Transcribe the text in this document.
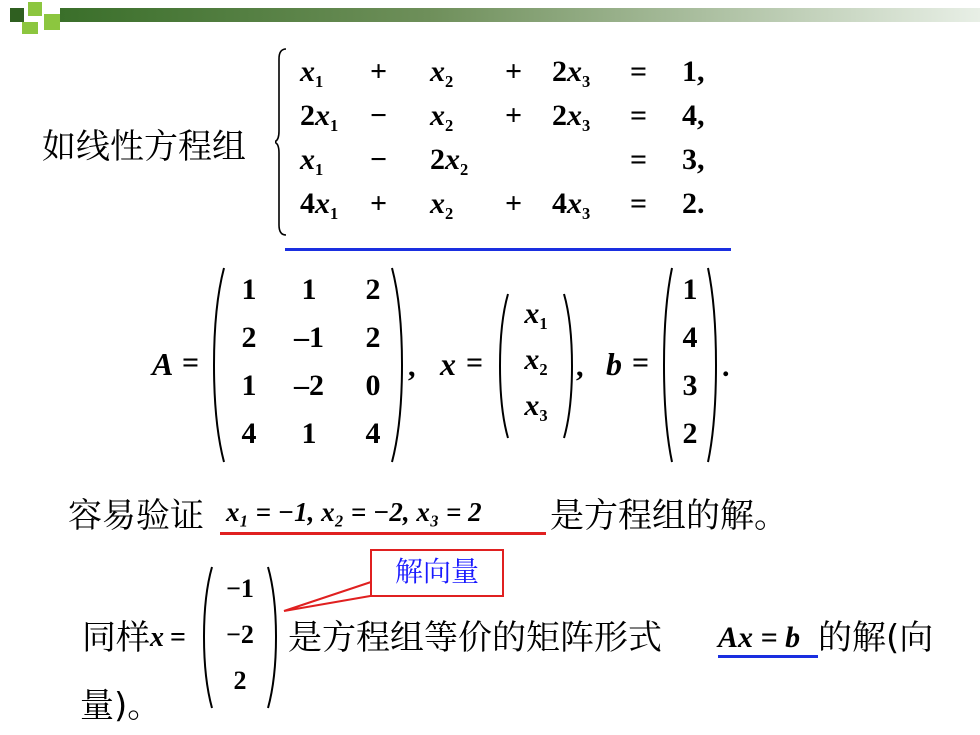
如线性方程组
$x_1 + x_2 + 2x_3 = 1$,
$2x_1 - x_2 + 2x_3 = 4$,
$x_1 - 2x_2$	= 3,
$4x_1 + x_2 + 4x_3 = 2$.
A =
1	1	2
2	–1	2
1	–2	0
4	1	4
, x =
$x_1$
$x_2$
$x_3$
, b =
1
4
3
2
.
容易验证 x₁ = −1, x₂ = −2, x₃ = 2 是方程组的解。
解向量
同样 x =
−1
−2
2
是方程组等价的矩阵形式 Ax = b 的解(向
量)。
